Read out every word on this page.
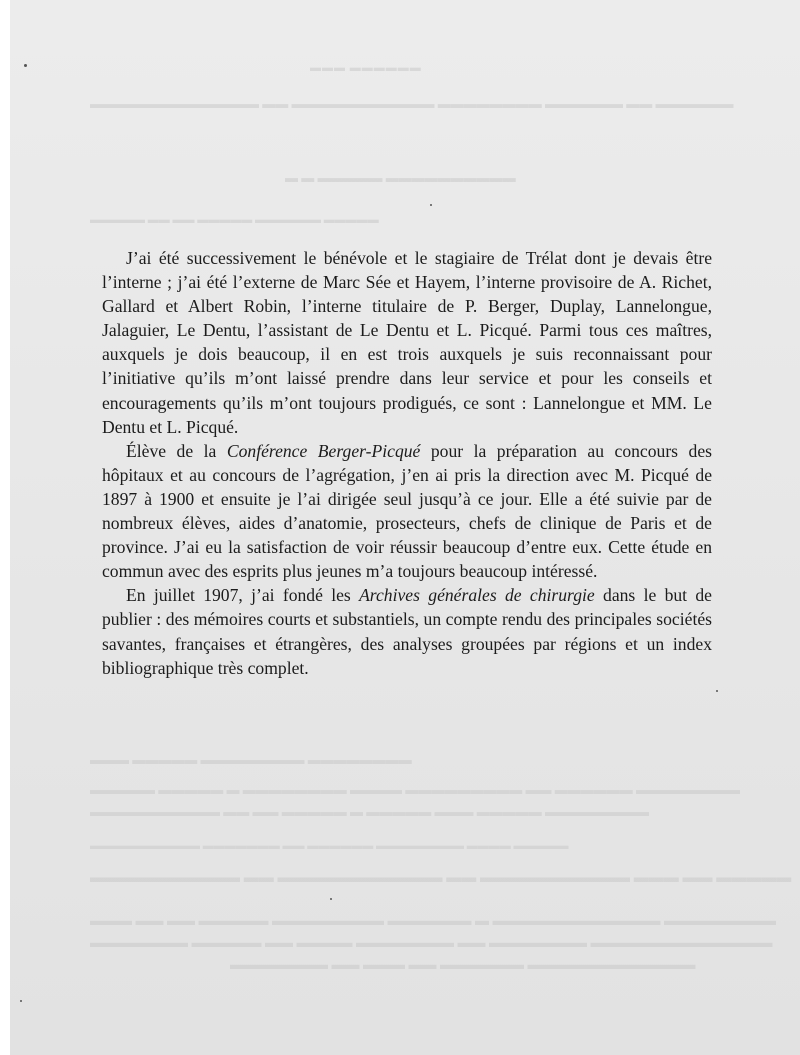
▬▬▬ ▬▬▬▬▬▬
▬▬▬▬▬▬▬▬▬▬▬▬▬ ▬▬ ▬▬▬▬▬▬▬▬▬▬▬ ▬▬▬▬▬▬▬▬ ▬▬▬▬▬▬ ▬▬ ▬▬▬▬▬▬
▬ ▬ ▬▬▬▬▬ ▬▬▬▬▬▬▬▬▬▬
▬▬▬▬▬ ▬▬ ▬▬ ▬▬▬▬▬ ▬▬▬▬▬▬ ▬▬▬▬▬
▬▬▬ ▬▬▬▬▬ ▬▬▬▬▬▬▬▬ ▬▬▬▬▬▬▬▬
▬▬▬▬▬ ▬▬▬▬▬ ▬ ▬▬▬▬▬▬▬▬ ▬▬▬▬ ▬▬▬▬▬▬▬▬▬ ▬▬ ▬▬▬▬▬▬ ▬▬▬▬▬▬▬▬
▬▬▬▬▬▬▬▬▬▬ ▬▬ ▬▬ ▬▬▬▬▬ ▬ ▬▬▬▬▬ ▬▬▬ ▬▬▬▬▬ ▬▬▬▬▬▬▬▬
▬▬▬▬▬▬▬▬▬▬ ▬▬▬▬▬▬▬ ▬▬ ▬▬▬▬▬▬ ▬▬▬▬▬▬▬▬ ▬▬▬▬ ▬▬▬▬▬
▬▬▬▬▬▬▬▬▬▬ ▬▬ ▬▬▬▬▬▬▬▬▬▬▬ ▬▬ ▬▬▬▬▬▬▬▬▬▬ ▬▬▬ ▬▬ ▬▬▬▬▬
▬▬▬ ▬▬ ▬▬ ▬▬▬▬▬ ▬▬▬▬▬▬▬▬ ▬▬▬▬▬▬ ▬ ▬▬▬▬▬▬▬▬▬▬▬▬ ▬▬▬▬▬▬▬▬
▬▬▬▬▬▬▬ ▬▬▬▬▬ ▬▬ ▬▬▬▬ ▬▬▬▬▬▬▬ ▬▬ ▬▬▬▬▬▬▬ ▬▬▬▬▬▬▬▬▬▬▬▬▬
▬▬▬▬▬▬▬ ▬▬ ▬▬▬ ▬▬ ▬▬▬▬▬▬ ▬▬▬▬▬▬▬▬▬▬▬▬

J’ai été successivement le bénévole et le stagiaire de Trélat dont je devais être l’interne ; j’ai été l’externe de Marc Sée et Hayem, l’interne provisoire de A. Richet, Gallard et Albert Robin, l’interne titulaire de P. Berger, Duplay, Lannelongue, Jalaguier, Le Dentu, l’assistant de Le Dentu et L. Picqué. Parmi tous ces maîtres, auxquels je dois beaucoup, il en est trois auxquels je suis reconnaissant pour l’initiative qu’ils m’ont laissé prendre dans leur service et pour les conseils et encouragements qu’ils m’ont toujours prodigués, ce sont : Lannelongue et MM. Le Dentu et L. Picqué.

Élève de la Conférence Berger-Picqué pour la préparation au concours des hôpitaux et au concours de l’agrégation, j’en ai pris la direction avec M. Picqué de 1897 à 1900 et ensuite je l’ai dirigée seul jusqu’à ce jour. Elle a été suivie par de nombreux élèves, aides d’anatomie, prosecteurs, chefs de clinique de Paris et de province. J’ai eu la satisfaction de voir réussir beaucoup d’entre eux. Cette étude en commun avec des esprits plus jeunes m’a toujours beaucoup intéressé.

En juillet 1907, j’ai fondé les Archives générales de chirurgie dans le but de publier : des mémoires courts et substantiels, un compte rendu des principales sociétés savantes, françaises et étrangères, des analyses groupées par régions et un index bibliographique très complet.
